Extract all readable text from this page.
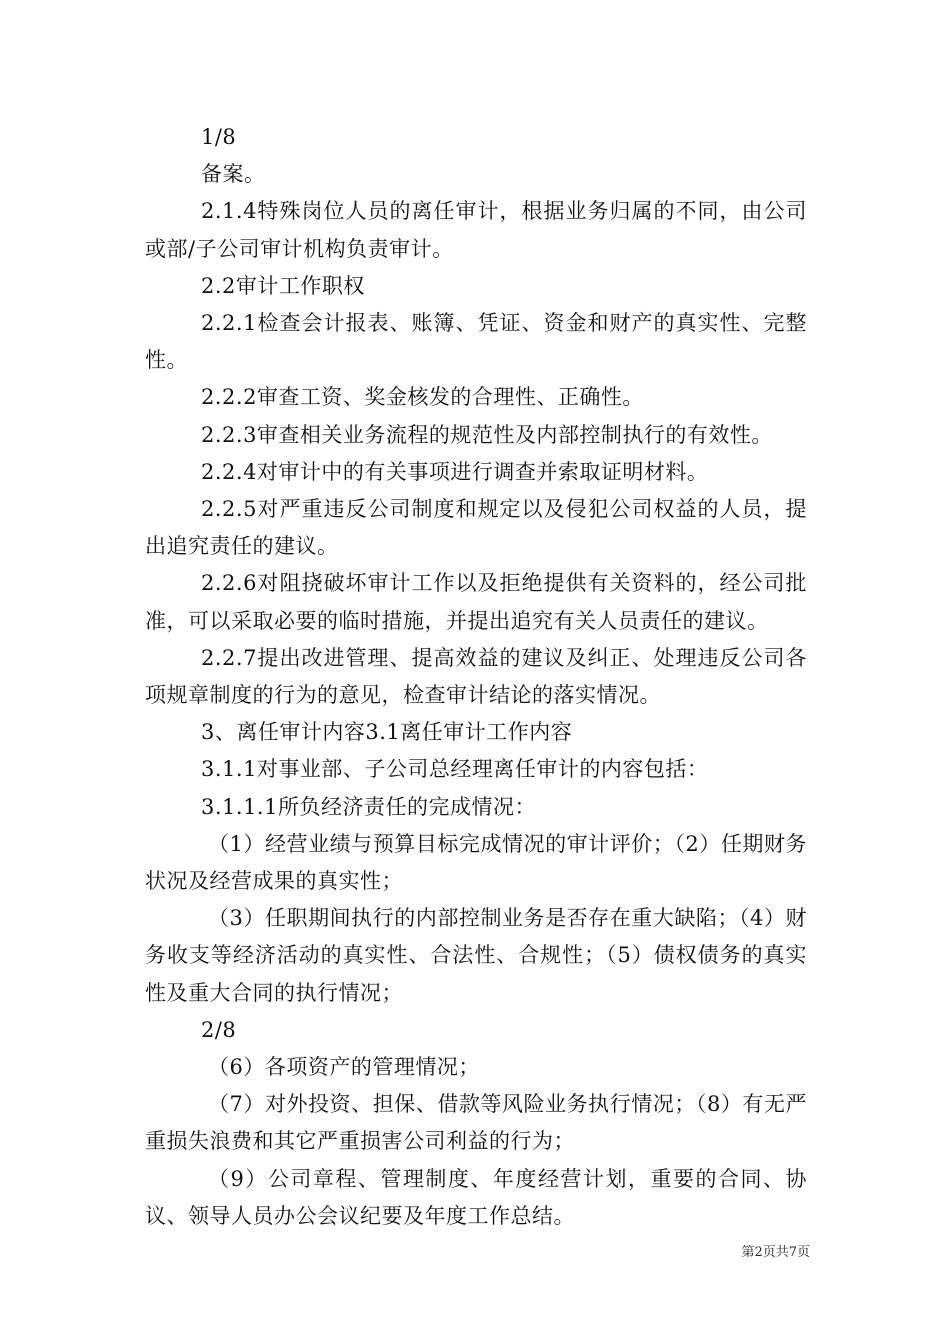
1/8

备案。

2.1.4特殊岗位人员的离任审计，根据业务归属的不同，由公司或部/子公司审计机构负责审计。

2.2审计工作职权

2.2.1检查会计报表、账簿、凭证、资金和财产的真实性、完整性。

2.2.2审查工资、奖金核发的合理性、正确性。

2.2.3审查相关业务流程的规范性及内部控制执行的有效性。

2.2.4对审计中的有关事项进行调查并索取证明材料。

2.2.5对严重违反公司制度和规定以及侵犯公司权益的人员，提出追究责任的建议。

2.2.6对阻挠破坏审计工作以及拒绝提供有关资料的，经公司批准，可以采取必要的临时措施，并提出追究有关人员责任的建议。

2.2.7提出改进管理、提高效益的建议及纠正、处理违反公司各项规章制度的行为的意见，检查审计结论的落实情况。

3、离任审计内容3.1离任审计工作内容

3.1.1对事业部、子公司总经理离任审计的内容包括：

3.1.1.1所负经济责任的完成情况：

（1）经营业绩与预算目标完成情况的审计评价；（2）任期财务状况及经营成果的真实性；

（3）任职期间执行的内部控制业务是否存在重大缺陷；（4）财务收支等经济活动的真实性、合法性、合规性；（5）债权债务的真实性及重大合同的执行情况；

2/8

（6）各项资产的管理情况；

（7）对外投资、担保、借款等风险业务执行情况；（8）有无严重损失浪费和其它严重损害公司利益的行为；

（9）公司章程、管理制度、年度经营计划，重要的合同、协议、领导人员办公会议纪要及年度工作总结。

第2页共7页
